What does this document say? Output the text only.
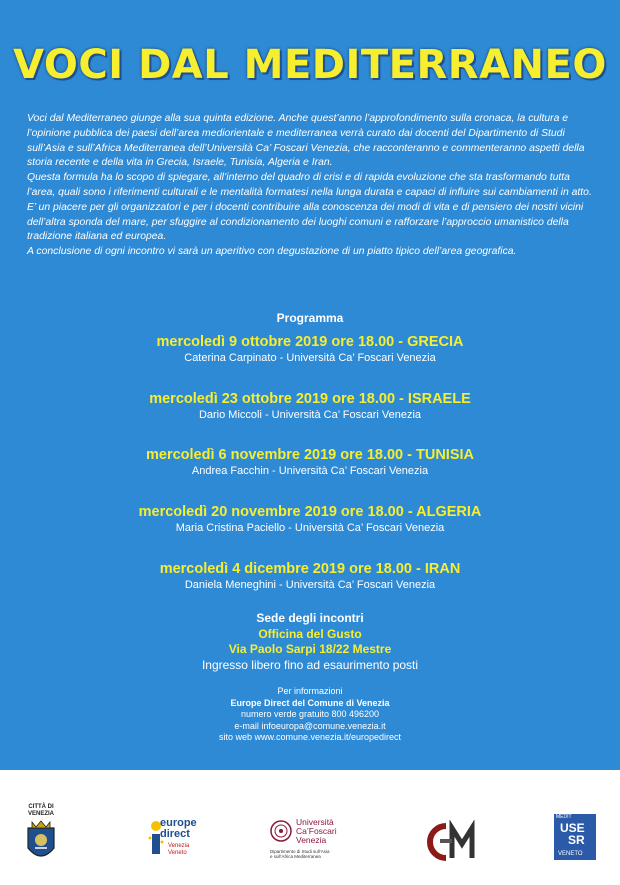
VOCI DAL MEDITERRANEO

Voci dal Mediterraneo giunge alla sua quinta edizione. Anche quest’anno l’approfondimento sulla cronaca, la cultura e l’opinione pubblica dei paesi dell’area mediorientale e mediterranea verrà curato dai docenti del Dipartimento di Studi sull’Asia e sull’Africa Mediterranea dell’Università Ca’ Foscari Venezia, che racconteranno e commenteranno aspetti della storia recente e della vita in Grecia, Israele, Tunisia, Algeria e Iran.

Questa formula ha lo scopo di spiegare, all’interno del quadro di crisi e di rapida evoluzione che sta trasformando tutta l’area, quali sono i riferimenti culturali e le mentalità formatesi nella lunga durata e capaci di influire sui cambiamenti in atto.

E’ un piacere per gli organizzatori e per i docenti contribuire alla conoscenza dei modi di vita e di pensiero dei nostri vicini dell’altra sponda del mare, per sfuggire al condizionamento dei luoghi comuni e rafforzare l’approccio umanistico della tradizione italiana ed europea.

A conclusione di ogni incontro vi sarà un aperitivo con degustazione di un piatto tipico dell’area geografica.

Programma
mercoledì 9 ottobre 2019 ore 18.00 - GRECIA
Caterina Carpinato - Università Ca’ Foscari Venezia
mercoledì 23 ottobre 2019 ore 18.00 - ISRAELE
Dario Miccoli - Università Ca’ Foscari Venezia
mercoledì 6 novembre 2019 ore 18.00 - TUNISIA
Andrea Facchin - Università Ca’ Foscari Venezia
mercoledì 20 novembre 2019 ore 18.00 - ALGERIA
Maria Cristina Paciello - Università Ca’ Foscari Venezia
mercoledì 4 dicembre 2019 ore 18.00 - IRAN
Daniela Meneghini - Università Ca’ Foscari Venezia
Sede degli incontri
Officina del Gusto
Via Paolo Sarpi 18/22 Mestre
Ingresso libero fino ad esaurimento posti
Per informazioni
Europe Direct del Comune di Venezia
numero verde gratuito 800 496200
e-mail infoeuropa@comune.venezia.it
sito web www.comune.venezia.it/europedirect
CITTÀ DI
VENEZIA
europe
direct
Venezia
Veneto
Università
Ca’Foscari
Venezia
Dipartimento di Studi sull’Asia
e sull’Africa Mediterranea
MEDIT
USE
SR
VENETO
